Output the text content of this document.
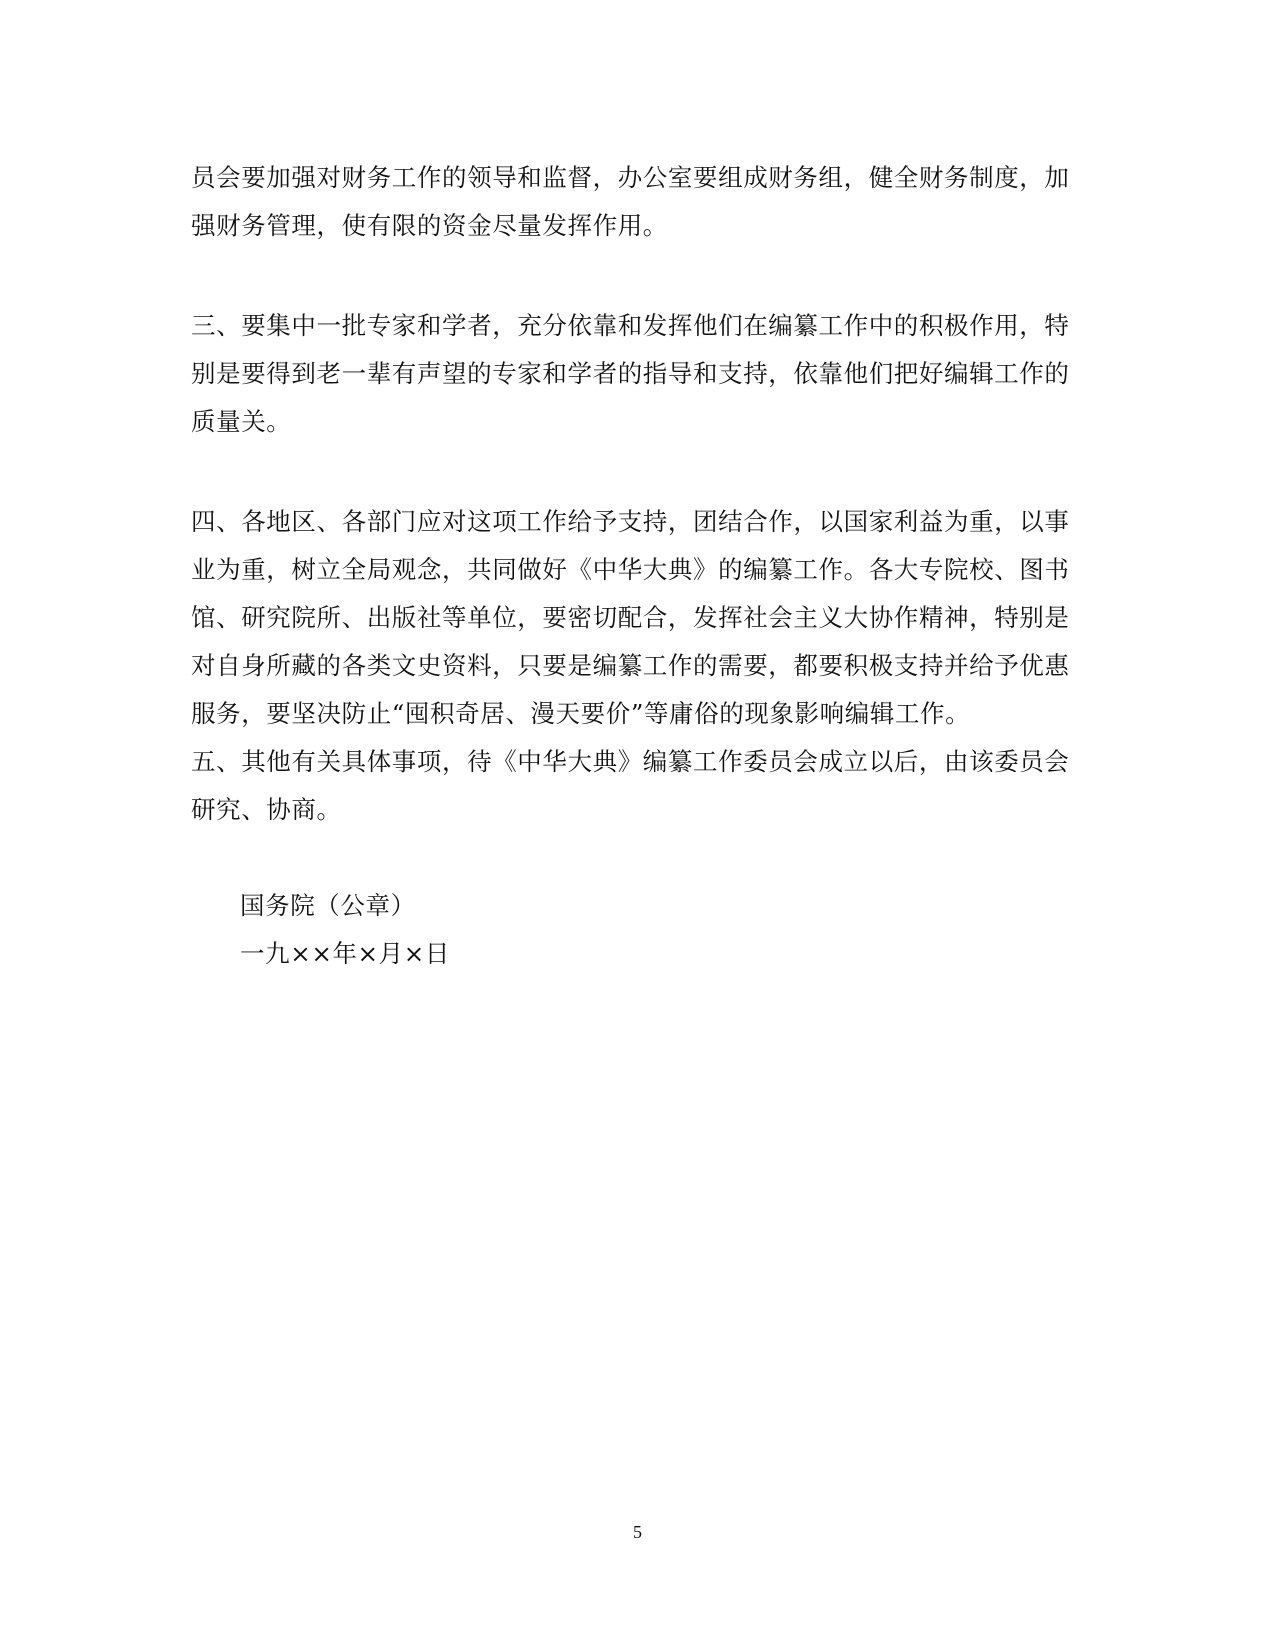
员会要加强对财务工作的领导和监督，办公室要组成财务组，健全财务制度，加
强财务管理，使有限的资金尽量发挥作用。

三、要集中一批专家和学者，充分依靠和发挥他们在编纂工作中的积极作用，特
别是要得到老一辈有声望的专家和学者的指导和支持，依靠他们把好编辑工作的
质量关。

四、各地区、各部门应对这项工作给予支持，团结合作，以国家利益为重，以事
业为重，树立全局观念，共同做好《中华大典》的编纂工作。各大专院校、图书
馆、研究院所、出版社等单位，要密切配合，发挥社会主义大协作精神，特别是
对自身所藏的各类文史资料，只要是编纂工作的需要，都要积极支持并给予优惠
服务，要坚决防止“囤积奇居、漫天要价”等庸俗的现象影响编辑工作。

五、其他有关具体事项，待《中华大典》编纂工作委员会成立以后，由该委员会
研究、协商。

国务院（公章）
一九××年×月×日
5
